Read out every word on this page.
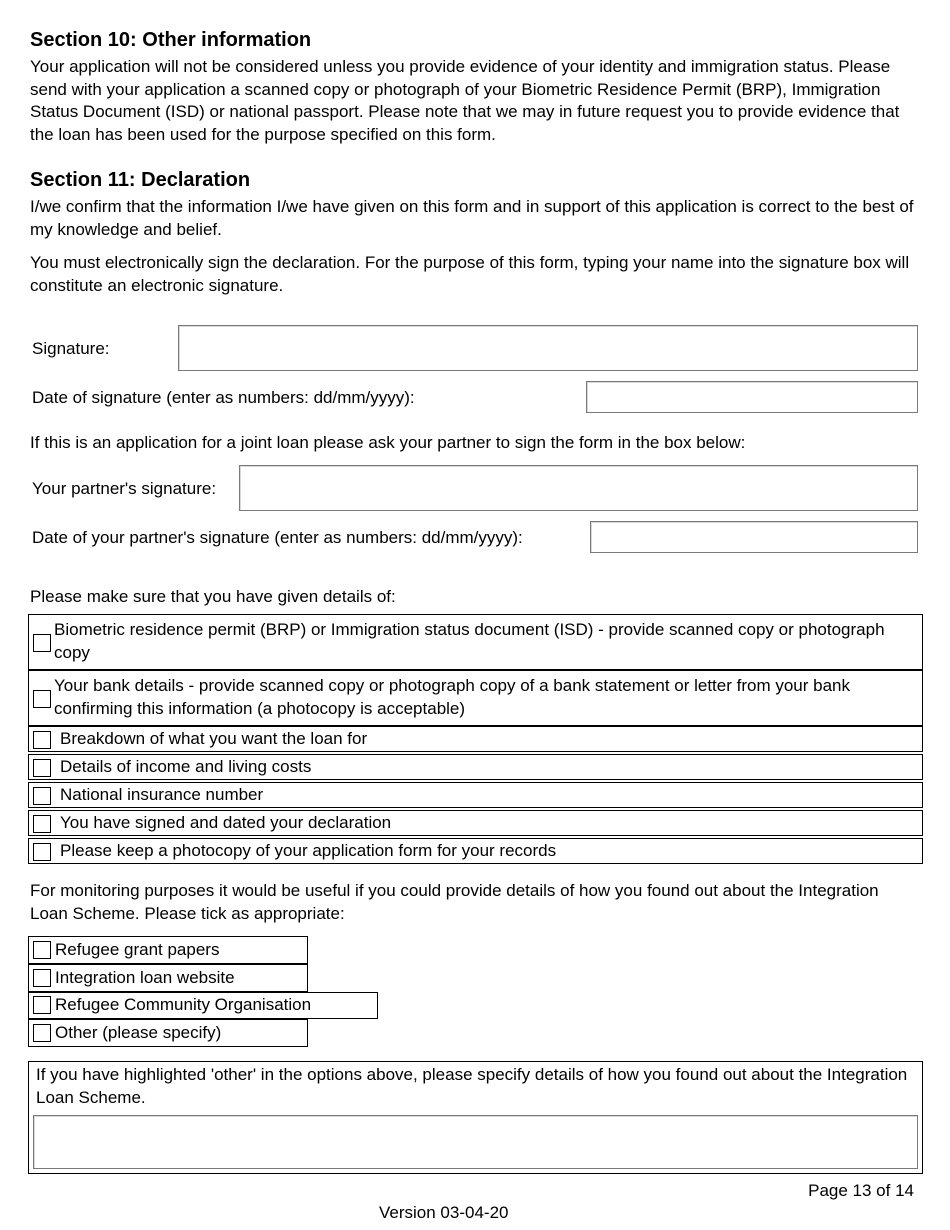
Section 10: Other information

Your application will not be considered unless you provide evidence of your identity and immigration status. Please send with your application a scanned copy or photograph of your Biometric Residence Permit (BRP), Immigration Status Document (ISD) or national passport. Please note that we may in future request you to provide evidence that the loan has been used for the purpose specified on this form.

Section 11: Declaration

I/we confirm that the information I/we have given on this form and in support of this application is correct to the best of my knowledge and belief.

You must electronically sign the declaration. For the purpose of this form, typing your name into the signature box will constitute an electronic signature.

Signature:
Date of signature (enter as numbers: dd/mm/yyyy):
If this is an application for a joint loan please ask your partner to sign the form in the box below:
Your partner's signature:
Date of your partner's signature (enter as numbers: dd/mm/yyyy):
Please make sure that you have given details of:
Biometric residence permit (BRP) or Immigration status document (ISD) - provide scanned copy or photograph copy
Your bank details - provide scanned copy or photograph copy of a bank statement or letter from your bank confirming this information (a photocopy is acceptable)
Breakdown of what you want the loan for
Details of income and living costs
National insurance number
You have signed and dated your declaration
Please keep a photocopy of your application form for your records

For monitoring purposes it would be useful if you could provide details of how you found out about the Integration Loan Scheme. Please tick as appropriate:

Refugee grant papers
Integration loan website
Refugee Community Organisation
Other (please specify)
If you have highlighted 'other' in the options above, please specify details of how you found out about the Integration Loan Scheme.
Page 13 of 14
Version 03-04-20
